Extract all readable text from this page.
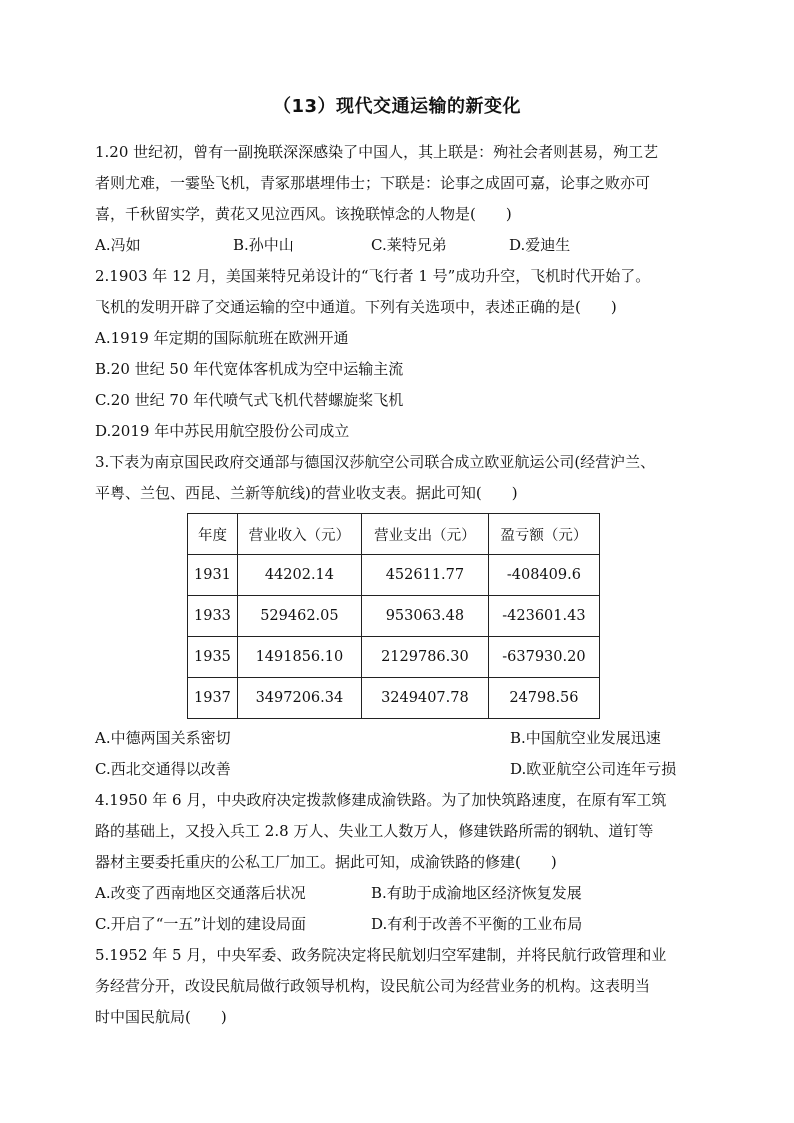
（13）现代交通运输的新变化
1.20 世纪初，曾有一副挽联深深感染了中国人，其上联是：殉社会者则甚易，殉工艺
者则尤难，一霎坠飞机，青冢那堪埋伟士；下联是：论事之成固可嘉，论事之败亦可
喜，千秋留实学，黄花又见泣西风。该挽联悼念的人物是(　　)
A.冯如	B.孙中山	C.莱特兄弟	D.爱迪生
2.1903 年 12 月，美国莱特兄弟设计的“飞行者 1 号”成功升空，飞机时代开始了。
飞机的发明开辟了交通运输的空中通道。下列有关选项中，表述正确的是(　　)
A.1919 年定期的国际航班在欧洲开通
B.20 世纪 50 年代宽体客机成为空中运输主流
C.20 世纪 70 年代喷气式飞机代替螺旋桨飞机
D.2019 年中苏民用航空股份公司成立
3.下表为南京国民政府交通部与德国汉莎航空公司联合成立欧亚航运公司(经营沪兰、
平粤、兰包、西昆、兰新等航线)的营业收支表。据此可知(　　)
年度	营业收入（元）	营业支出（元）	盈亏额（元）
1931	44202.14	452611.77	-408409.6
1933	529462.05	953063.48	-423601.43
1935	1491856.10	2129786.30	-637930.20
1937	3497206.34	3249407.78	24798.56
A.中德两国关系密切	B.中国航空业发展迅速
C.西北交通得以改善	D.欧亚航空公司连年亏损
4.1950 年 6 月，中央政府决定拨款修建成渝铁路。为了加快筑路速度，在原有军工筑
路的基础上，又投入兵工 2.8 万人、失业工人数万人，修建铁路所需的钢轨、道钉等
器材主要委托重庆的公私工厂加工。据此可知，成渝铁路的修建(　　)
A.改变了西南地区交通落后状况	B.有助于成渝地区经济恢复发展
C.开启了“一五”计划的建设局面	D.有利于改善不平衡的工业布局
5.1952 年 5 月，中央军委、政务院决定将民航划归空军建制，并将民航行政管理和业
务经营分开，改设民航局做行政领导机构，设民航公司为经营业务的机构。这表明当
时中国民航局(　　)
